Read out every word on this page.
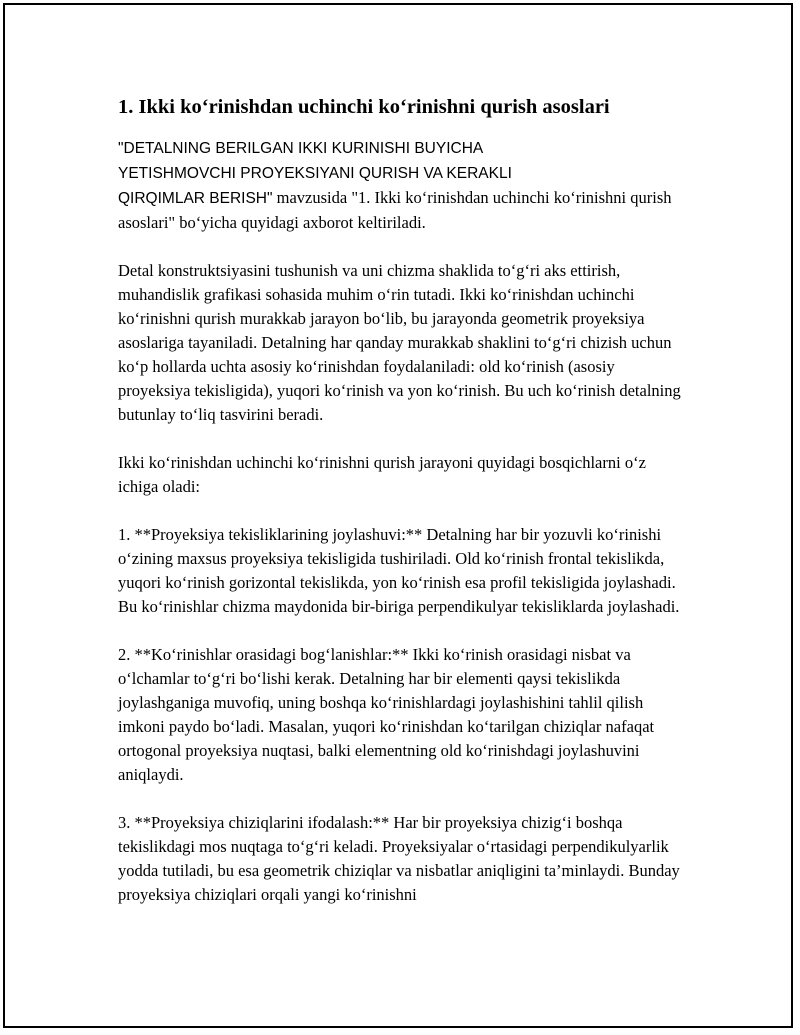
1. Ikki ko‘rinishdan uchinchi ko‘rinishni qurish asoslari

"DETALNING BERILGAN IKKI KURINISHI BUYICHA
YETISHMOVCHI PROYEKSIYANI QURISH VA KERAKLI
QIRQIMLAR BERISH" mavzusida "1. Ikki ko‘rinishdan uchinchi ko‘rinishni qurish asoslari" bo‘yicha quyidagi axborot keltiriladi.

Detal konstruktsiyasini tushunish va uni chizma shaklida to‘g‘ri aks ettirish, muhandislik grafikasi sohasida muhim o‘rin tutadi. Ikki ko‘rinishdan uchinchi ko‘rinishni qurish murakkab jarayon bo‘lib, bu jarayonda geometrik proyeksiya asoslariga tayaniladi. Detalning har qanday murakkab shaklini to‘g‘ri chizish uchun ko‘p hollarda uchta asosiy ko‘rinishdan foydalaniladi: old ko‘rinish (asosiy proyeksiya tekisligida), yuqori ko‘rinish va yon ko‘rinish. Bu uch ko‘rinish detalning butunlay to‘liq tasvirini beradi.

Ikki ko‘rinishdan uchinchi ko‘rinishni qurish jarayoni quyidagi bosqichlarni o‘z ichiga oladi:

1. **Proyeksiya tekisliklarining joylashuvi:** Detalning har bir yozuvli ko‘rinishi o‘zining maxsus proyeksiya tekisligida tushiriladi. Old ko‘rinish frontal tekislikda, yuqori ko‘rinish gorizontal tekislikda, yon ko‘rinish esa profil tekisligida joylashadi. Bu ko‘rinishlar chizma maydonida bir-biriga perpendikulyar tekisliklarda joylashadi.

2. **Ko‘rinishlar orasidagi bog‘lanishlar:** Ikki ko‘rinish orasidagi nisbat va o‘lchamlar to‘g‘ri bo‘lishi kerak. Detalning har bir elementi qaysi tekislikda joylashganiga muvofiq, uning boshqa ko‘rinishlardagi joylashishini tahlil qilish imkoni paydo bo‘ladi. Masalan, yuqori ko‘rinishdan ko‘tarilgan chiziqlar nafaqat ortogonal proyeksiya nuqtasi, balki elementning old ko‘rinishdagi joylashuvini aniqlaydi.

3. **Proyeksiya chiziqlarini ifodalash:** Har bir proyeksiya chizig‘i boshqa tekislikdagi mos nuqtaga to‘g‘ri keladi. Proyeksiyalar o‘rtasidagi perpendikulyarlik yodda tutiladi, bu esa geometrik chiziqlar va nisbatlar aniqligini ta’minlaydi. Bunday proyeksiya chiziqlari orqali yangi ko‘rinishni
